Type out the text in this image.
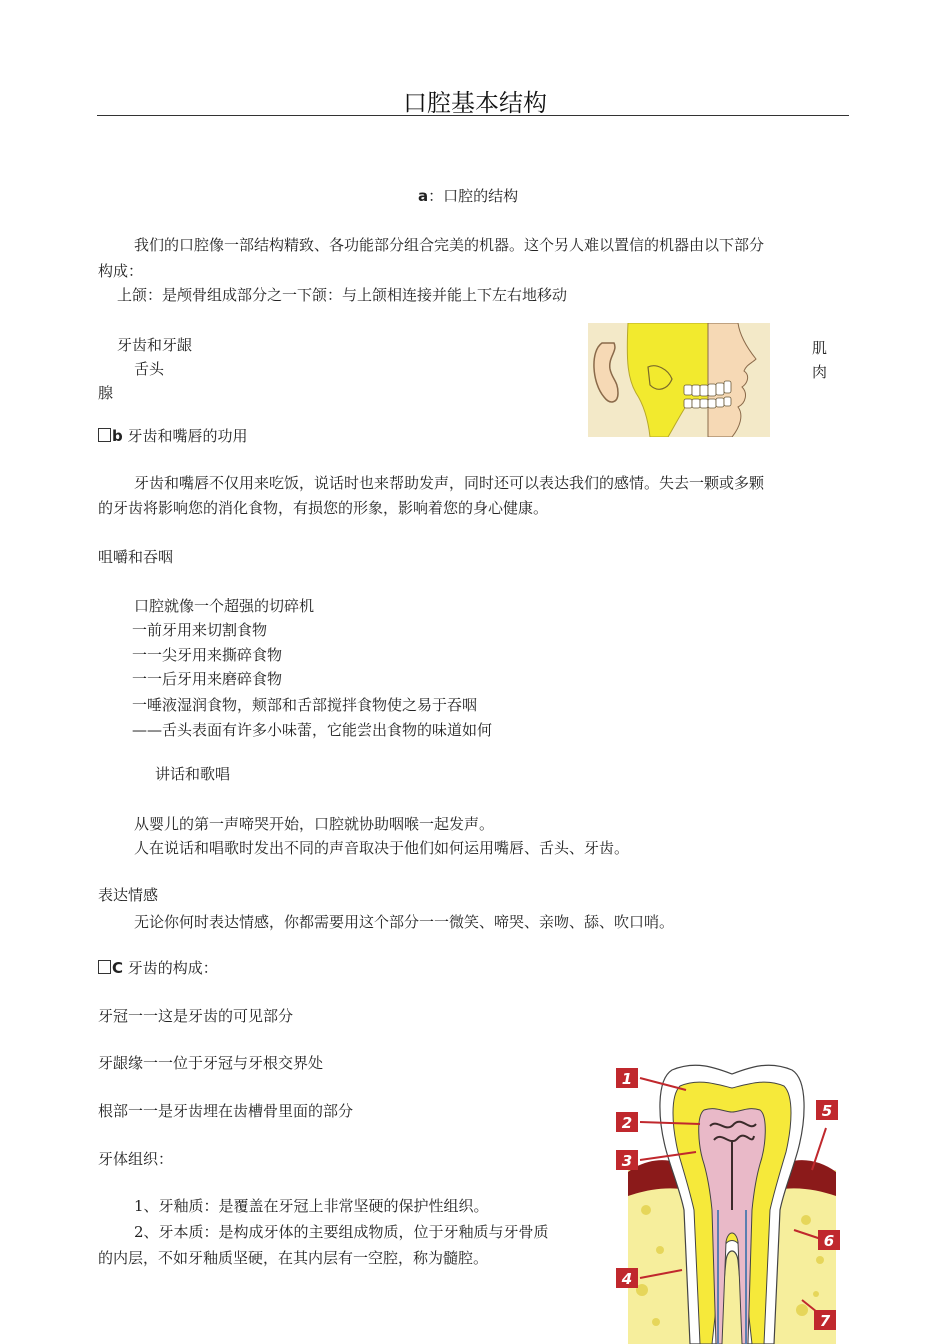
口腔基本结构
a：口腔的结构
我们的口腔像一部结构精致、各功能部分组合完美的机器。这个另人难以置信的机器由以下部分
构成：
上颌：是颅骨组成部分之一下颌：与上颌相连接并能上下左右地移动
牙齿和牙龈
舌头
腺
肌
肉
b 牙齿和嘴唇的功用
牙齿和嘴唇不仅用来吃饭，说话时也来帮助发声，同时还可以表达我们的感情。失去一颗或多颗
的牙齿将影响您的消化食物，有损您的形象，影响着您的身心健康。
咀嚼和吞咽
口腔就像一个超强的切碎机
一前牙用来切割食物
一一尖牙用来撕碎食物
一一后牙用来磨碎食物
一唾液湿润食物，颊部和舌部搅拌食物使之易于吞咽
——舌头表面有许多小味蕾，它能尝出食物的味道如何
讲话和歌唱
从婴儿的第一声啼哭开始，口腔就协助咽喉一起发声。
人在说话和唱歌时发出不同的声音取决于他们如何运用嘴唇、舌头、牙齿。
表达情感
无论你何时表达情感，你都需要用这个部分一一微笑、啼哭、亲吻、舔、吹口哨。
C 牙齿的构成：
牙冠一一这是牙齿的可见部分
牙龈缘一一位于牙冠与牙根交界处
根部一一是牙齿埋在齿槽骨里面的部分
牙体组织：
1、牙釉质：是覆盖在牙冠上非常坚硬的保护性组织。
2、牙本质：是构成牙体的主要组成物质，位于牙釉质与牙骨质
的内层，不如牙釉质坚硬，在其内层有一空腔，称为髓腔。
1
2
3
4
5
6
7
